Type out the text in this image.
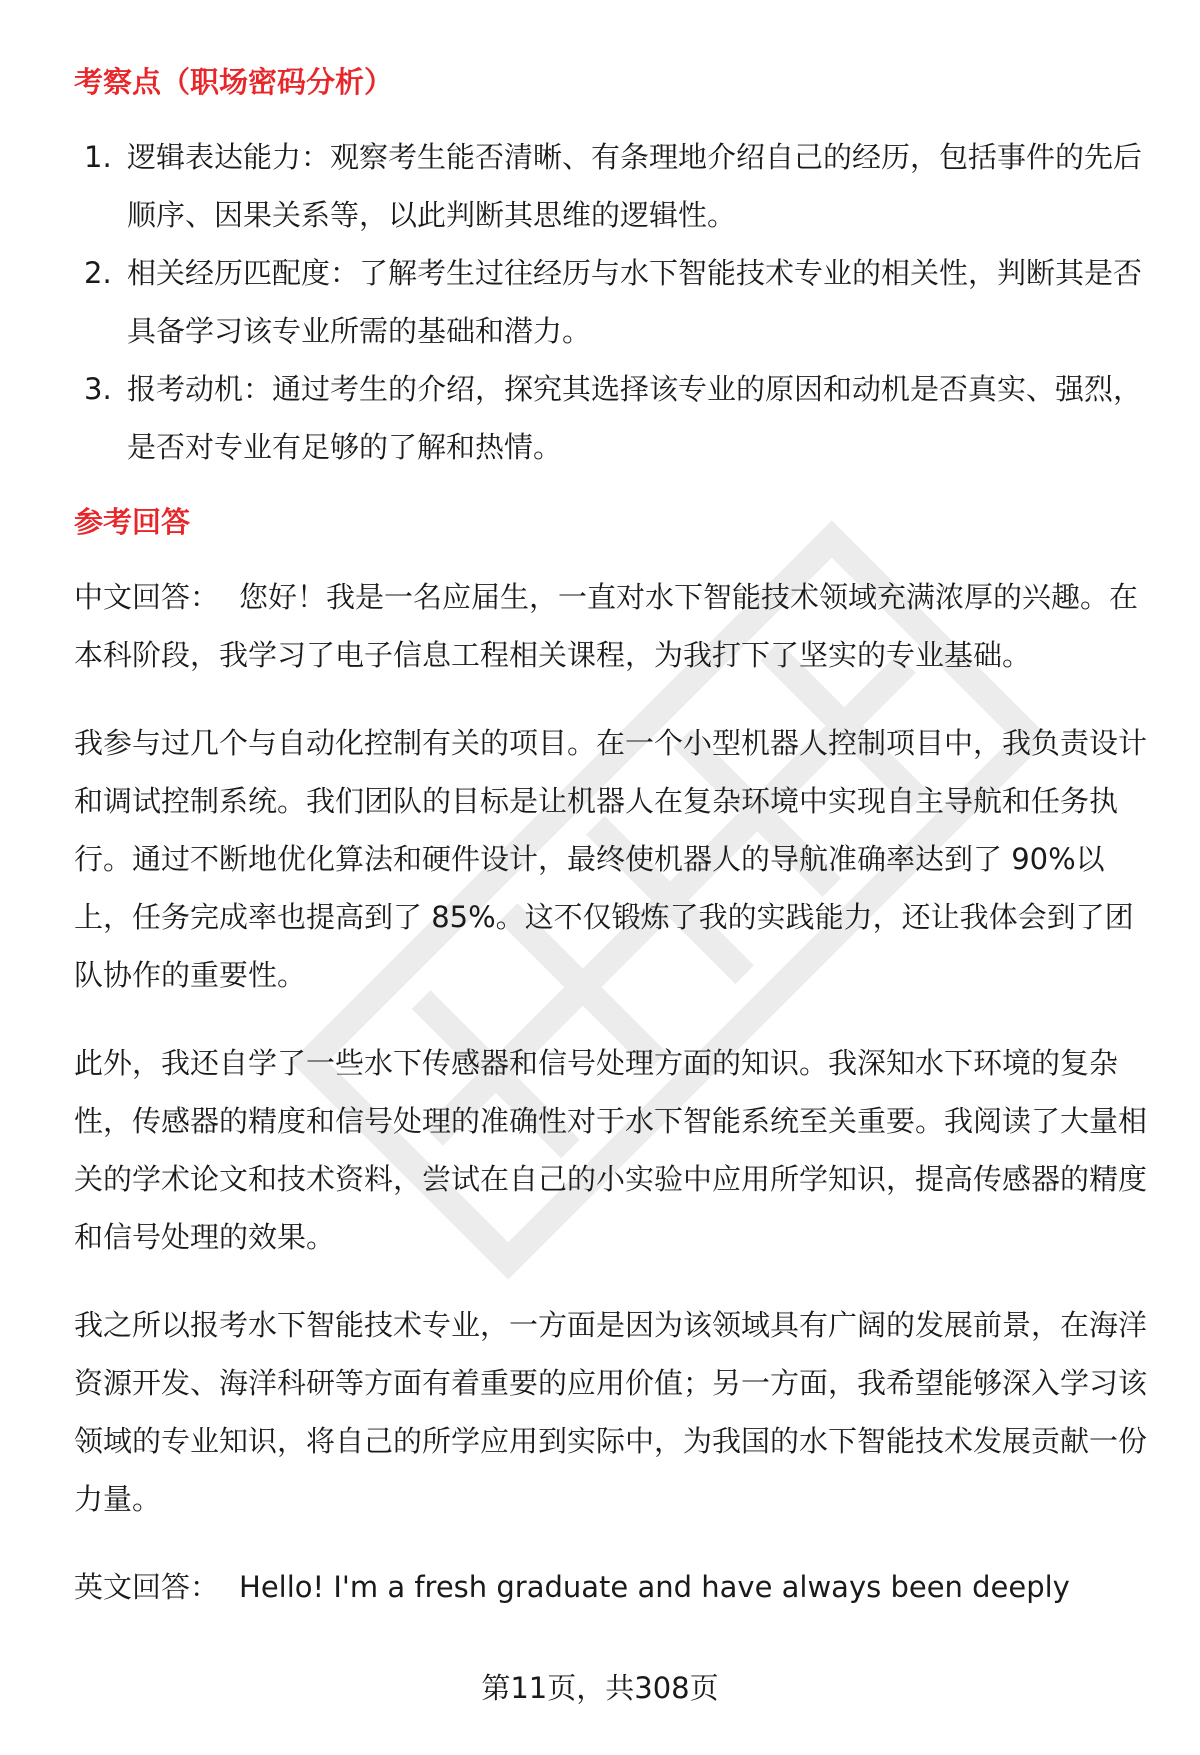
考察点（职场密码分析）
1. 逻辑表达能力：观察考生能否清晰、有条理地介绍自己的经历，包括事件的先后顺序、因果关系等，以此判断其思维的逻辑性。
2. 相关经历匹配度：了解考生过往经历与水下智能技术专业的相关性，判断其是否具备学习该专业所需的基础和潜力。
3. 报考动机：通过考生的介绍，探究其选择该专业的原因和动机是否真实、强烈，是否对专业有足够的了解和热情。
参考回答

中文回答： 您好！我是一名应届生，一直对水下智能技术领域充满浓厚的兴趣。在本科阶段，我学习了电子信息工程相关课程，为我打下了坚实的专业基础。

我参与过几个与自动化控制有关的项目。在一个小型机器人控制项目中，我负责设计和调试控制系统。我们团队的目标是让机器人在复杂环境中实现自主导航和任务执行。通过不断地优化算法和硬件设计，最终使机器人的导航准确率达到了 90%以上，任务完成率也提高到了 85%。这不仅锻炼了我的实践能力，还让我体会到了团队协作的重要性。

此外，我还自学了一些水下传感器和信号处理方面的知识。我深知水下环境的复杂性，传感器的精度和信号处理的准确性对于水下智能系统至关重要。我阅读了大量相关的学术论文和技术资料，尝试在自己的小实验中应用所学知识，提高传感器的精度和信号处理的效果。

我之所以报考水下智能技术专业，一方面是因为该领域具有广阔的发展前景，在海洋资源开发、海洋科研等方面有着重要的应用价值；另一方面，我希望能够深入学习该领域的专业知识，将自己的所学应用到实际中，为我国的水下智能技术发展贡献一份力量。

英文回答： Hello! I'm a fresh graduate and have always been deeply

第11页，共308页
